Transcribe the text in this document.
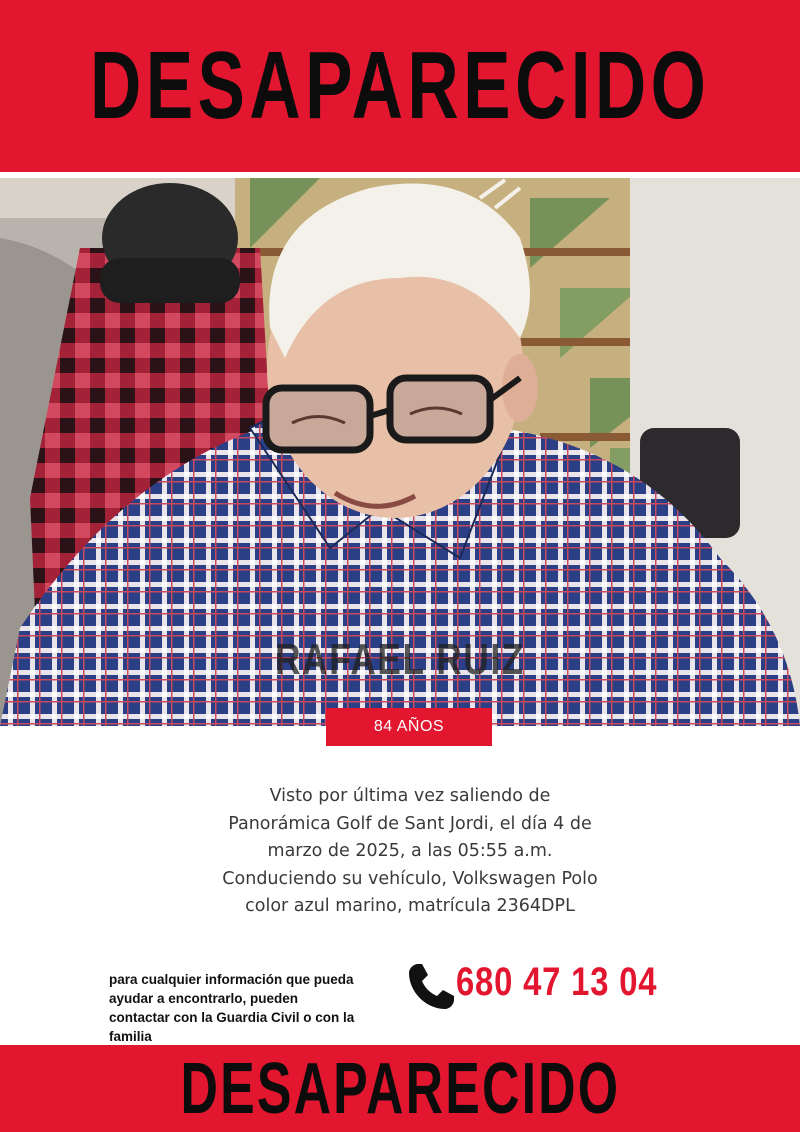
DESAPARECIDO
RAFAEL RUIZ
84 AÑOS
Visto por última vez saliendo de
Panorámica Golf de Sant Jordi, el día 4 de
marzo de 2025, a las 05:55 a.m.
Conduciendo su vehículo, Volkswagen Polo
color azul marino, matrícula 2364DPL
para cualquier información que pueda
ayudar a encontrarlo, pueden
contactar con la Guardia Civil o con la
familia
680 47 13 04
DESAPARECIDO
